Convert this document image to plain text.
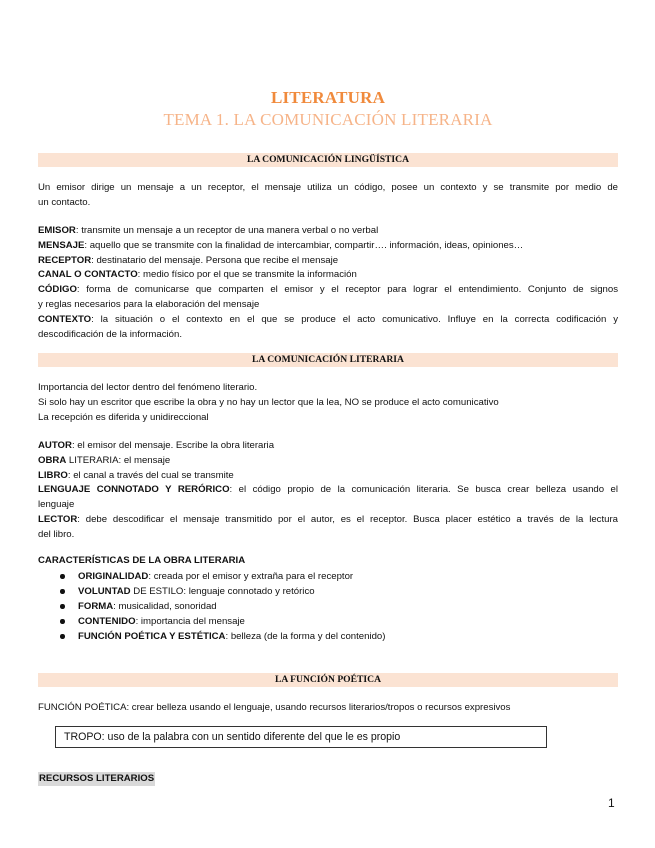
LITERATURA
TEMA 1. LA COMUNICACIÓN LITERARIA
LA COMUNICACIÓN LINGÜÍSTICA
Un emisor dirige un mensaje a un receptor, el mensaje utiliza un código, posee un contexto y se transmite por medio de
un contacto.
EMISOR: transmite un mensaje a un receptor de una manera verbal o no verbal
MENSAJE: aquello que se transmite con la finalidad de intercambiar, compartir…. información, ideas, opiniones…
RECEPTOR: destinatario del mensaje. Persona que recibe el mensaje
CANAL O CONTACTO: medio físico por el que se transmite la información
CÓDIGO: forma de comunicarse que comparten el emisor y el receptor para lograr el entendimiento. Conjunto de signos
y reglas necesarios para la elaboración del mensaje
CONTEXTO: la situación o el contexto en el que se produce el acto comunicativo. Influye en la correcta codificación y
descodificación de la información.
LA COMUNICACIÓN LITERARIA
Importancia del lector dentro del fenómeno literario.
Si solo hay un escritor que escribe la obra y no hay un lector que la lea, NO se produce el acto comunicativo
La recepción es diferida y unidireccional
AUTOR: el emisor del mensaje. Escribe la obra literaria
OBRA LITERARIA: el mensaje
LIBRO: el canal a través del cual se transmite
LENGUAJE CONNOTADO Y RERÓRICO: el código propio de la comunicación literaria. Se busca crear belleza usando el
lenguaje
LECTOR: debe descodificar el mensaje transmitido por el autor, es el receptor. Busca placer estético a través de la lectura
del libro.
CARACTERÍSTICAS DE LA OBRA LITERARIA
ORIGINALIDAD: creada por el emisor y extraña para el receptor
VOLUNTAD DE ESTILO: lenguaje connotado y retórico
FORMA: musicalidad, sonoridad
CONTENIDO: importancia del mensaje
FUNCIÓN POÉTICA Y ESTÉTICA: belleza (de la forma y del contenido)
LA FUNCIÓN POÉTICA
FUNCIÓN POÉTICA: crear belleza usando el lenguaje, usando recursos literarios/tropos o recursos expresivos
TROPO: uso de la palabra con un sentido diferente del que le es propio
RECURSOS LITERARIOS
1
